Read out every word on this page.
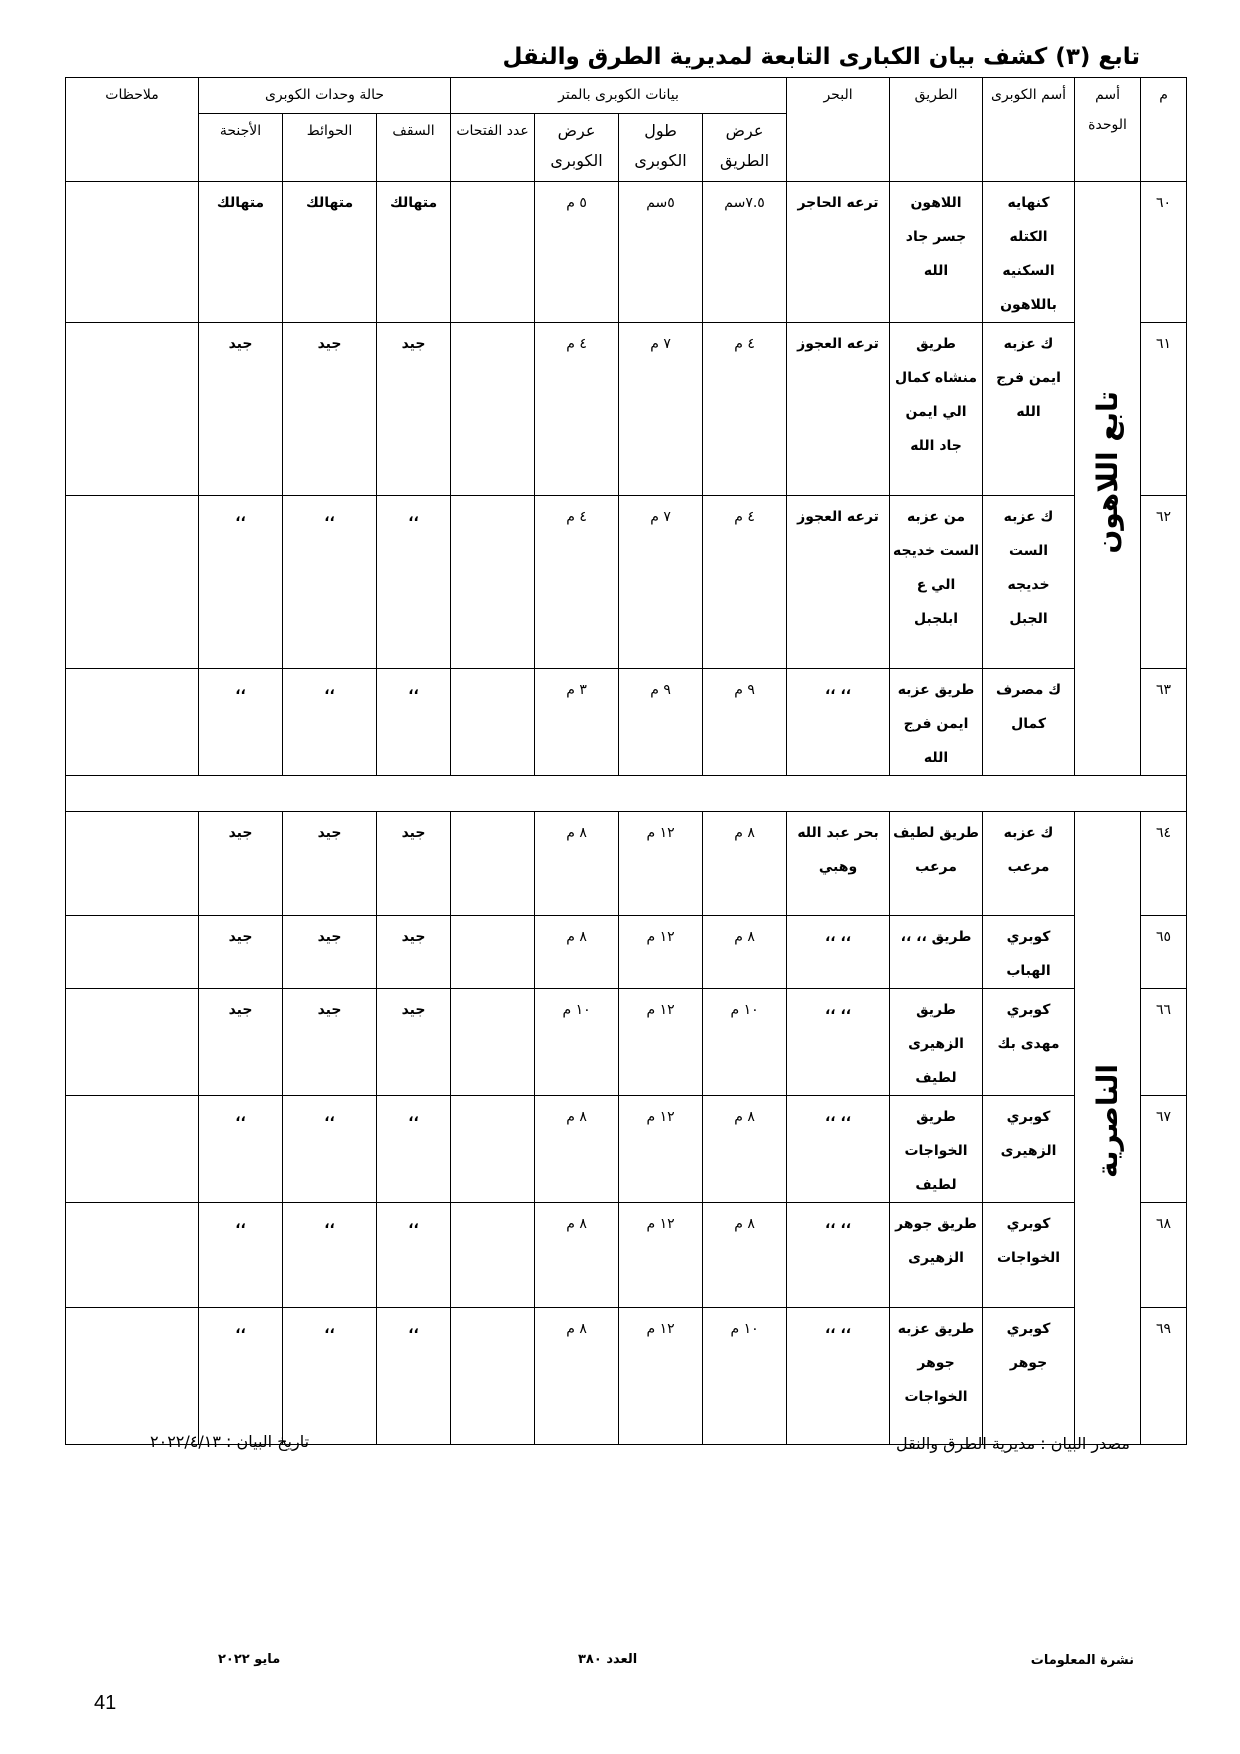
تابع (٣) كشف بيان الكبارى التابعة لمديرية الطرق والنقل
م	أسم الوحدة	أسم الكوبرى	الطريق	البحر	بيانات الكوبرى بالمتر				حالة وحدات الكوبرى			ملاحظات
					عرض الطريق	طول الكوبرى	عرض الكوبرى	عدد الفتحات	السقف	الحوائط	الأجنحة	

٦٠	تابع اللاهون	كنهايه الكتله السكنيه باللاهون	اللاهون جسر جاد الله	ترعه الحاجر	٧.٥سم	٥سم	٥ م		متهالك	متهالك	متهالك	
٦١		ك عزبه ايمن فرج الله	طريق منشاه كمال الي ايمن جاد الله	ترعه العجوز	٤ م	٧ م	٤ م		جيد	جيد	جيد	
٦٢		ك عزبه الست خديجه الجبل	من عزبه الست خديجه الي ع ابلجبل	ترعه العجوز	٤ م	٧ م	٤ م		،،	،،	،،	
٦٣		ك مصرف كمال	طريق عزبه ايمن فرج الله	،، ،،	٩ م	٩ م	٣ م		،،	،،	،،	

٦٤	الناصرية	ك عزبه مرعب	طريق لطيف مرعب	بحر عبد الله وهبي	٨ م	١٢ م	٨ م		جيد	جيد	جيد	
٦٥		كوبري الهباب	طريق ،، ،،	،، ،،	٨ م	١٢ م	٨ م		جيد	جيد	جيد	
٦٦		كوبري مهدى بك	طريق الزهيرى لطيف	،، ،،	١٠ م	١٢ م	١٠ م		جيد	جيد	جيد	
٦٧		كوبري الزهيرى	طريق الخواجات لطيف	،، ،،	٨ م	١٢ م	٨ م		،،	،،	،،	
٦٨		كوبري الخواجات	طريق جوهر الزهيرى	،، ،،	٨ م	١٢ م	٨ م		،،	،،	،،	
٦٩		كوبري جوهر	طريق عزبه جوهر الخواجات	،، ،،	١٠ م	١٢ م	٨ م		،،	،،	،،	
مصدر البيان : مديرية الطرق والنقل
تاريخ البيان : ٢٠٢٢/٤/١٣
نشرة المعلومات
العدد ٣٨٠
مايو ٢٠٢٢
41
